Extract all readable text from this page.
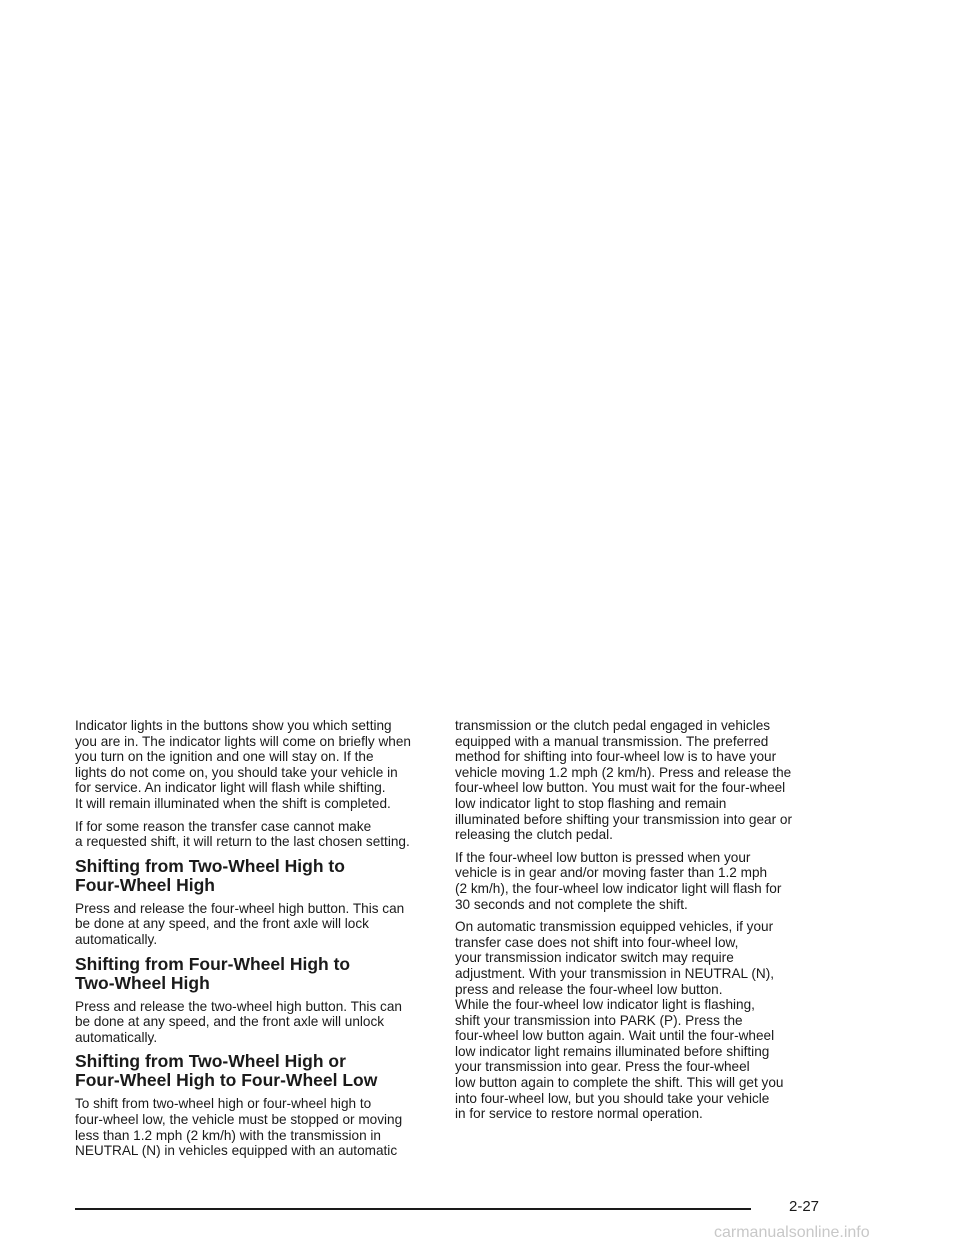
Indicator lights in the buttons show you which setting
you are in. The indicator lights will come on briefly when
you turn on the ignition and one will stay on. If the
lights do not come on, you should take your vehicle in
for service. An indicator light will flash while shifting.
It will remain illuminated when the shift is completed.

If for some reason the transfer case cannot make
a requested shift, it will return to the last chosen setting.

Shifting from Two-Wheel High to
Four-Wheel High

Press and release the four-wheel high button. This can
be done at any speed, and the front axle will lock
automatically.

Shifting from Four-Wheel High to
Two-Wheel High

Press and release the two-wheel high button. This can
be done at any speed, and the front axle will unlock
automatically.

Shifting from Two-Wheel High or
Four-Wheel High to Four-Wheel Low

To shift from two-wheel high or four-wheel high to
four-wheel low, the vehicle must be stopped or moving
less than 1.2 mph (2 km/h) with the transmission in
NEUTRAL (N) in vehicles equipped with an automatic

transmission or the clutch pedal engaged in vehicles
equipped with a manual transmission. The preferred
method for shifting into four-wheel low is to have your
vehicle moving 1.2 mph (2 km/h). Press and release the
four-wheel low button. You must wait for the four-wheel
low indicator light to stop flashing and remain
illuminated before shifting your transmission into gear or
releasing the clutch pedal.

If the four-wheel low button is pressed when your
vehicle is in gear and/or moving faster than 1.2 mph
(2 km/h), the four-wheel low indicator light will flash for
30 seconds and not complete the shift.

On automatic transmission equipped vehicles, if your
transfer case does not shift into four-wheel low,
your transmission indicator switch may require
adjustment. With your transmission in NEUTRAL (N),
press and release the four-wheel low button.
While the four-wheel low indicator light is flashing,
shift your transmission into PARK (P). Press the
four-wheel low button again. Wait until the four-wheel
low indicator light remains illuminated before shifting
your transmission into gear. Press the four-wheel
low button again to complete the shift. This will get you
into four-wheel low, but you should take your vehicle
in for service to restore normal operation.

2-27
carmanualsonline.info
